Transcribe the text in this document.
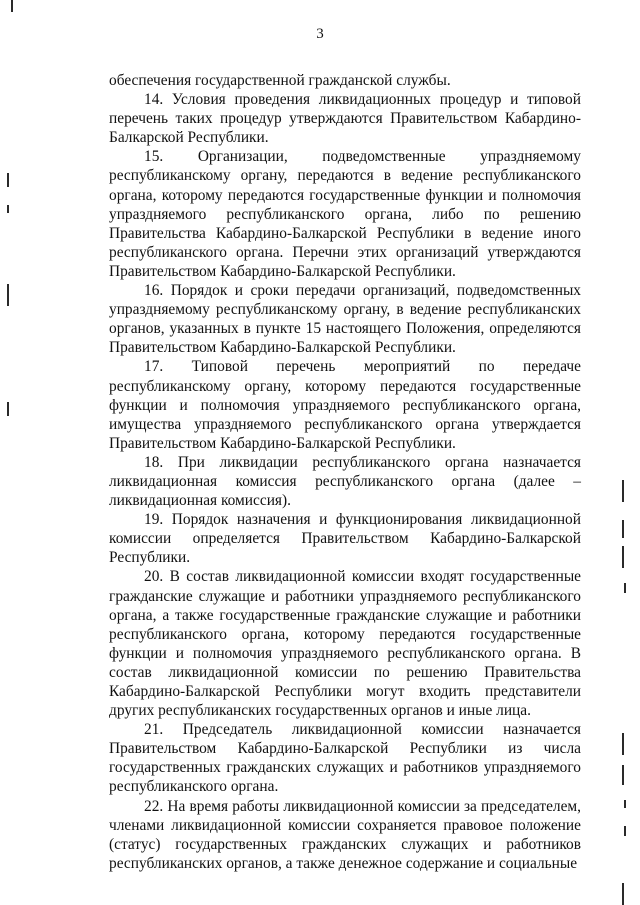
3

обеспечения государственной гражданской службы.

14. Условия проведения ликвидационных процедур и типовой перечень таких процедур утверждаются Правительством Кабардино-Балкарской Республики.

15. Организации, подведомственные упраздняемому республиканскому органу, передаются в ведение республиканского органа, которому передаются государственные функции и полномочия упраздняемого республиканского органа, либо по решению Правительства Кабардино-Балкарской Республики в ведение иного республиканского органа. Перечни этих организаций утверждаются Правительством Кабардино-Балкарской Республики.

16. Порядок и сроки передачи организаций, подведомственных упраздняемому республиканскому органу, в ведение республиканских органов, указанных в пункте 15 настоящего Положения, определяются Правительством Кабардино-Балкарской Республики.

17. Типовой перечень мероприятий по передаче республиканскому органу, которому передаются государственные функции и полномочия упраздняемого республиканского органа, имущества упраздняемого республиканского органа утверждается Правительством Кабардино-Балкарской Республики.

18. При ликвидации республиканского органа назначается ликвидационная комиссия республиканского органа (далее – ликвидационная комиссия).

19. Порядок назначения и функционирования ликвидационной комиссии определяется Правительством Кабардино-Балкарской Республики.

20. В состав ликвидационной комиссии входят государственные гражданские служащие и работники упраздняемого республиканского органа, а также государственные гражданские служащие и работники республиканского органа, которому передаются государственные функции и полномочия упраздняемого республиканского органа. В состав ликвидационной комиссии по решению Правительства Кабардино-Балкарской Республики могут входить представители других республиканских государственных органов и иные лица.

21. Председатель ликвидационной комиссии назначается Правительством Кабардино-Балкарской Республики из числа государственных гражданских служащих и работников упраздняемого республиканского органа.

22. На время работы ликвидационной комиссии за председателем, членами ликвидационной комиссии сохраняется правовое положение (статус) государственных гражданских служащих и работников республиканских органов, а также денежное содержание и социальные
